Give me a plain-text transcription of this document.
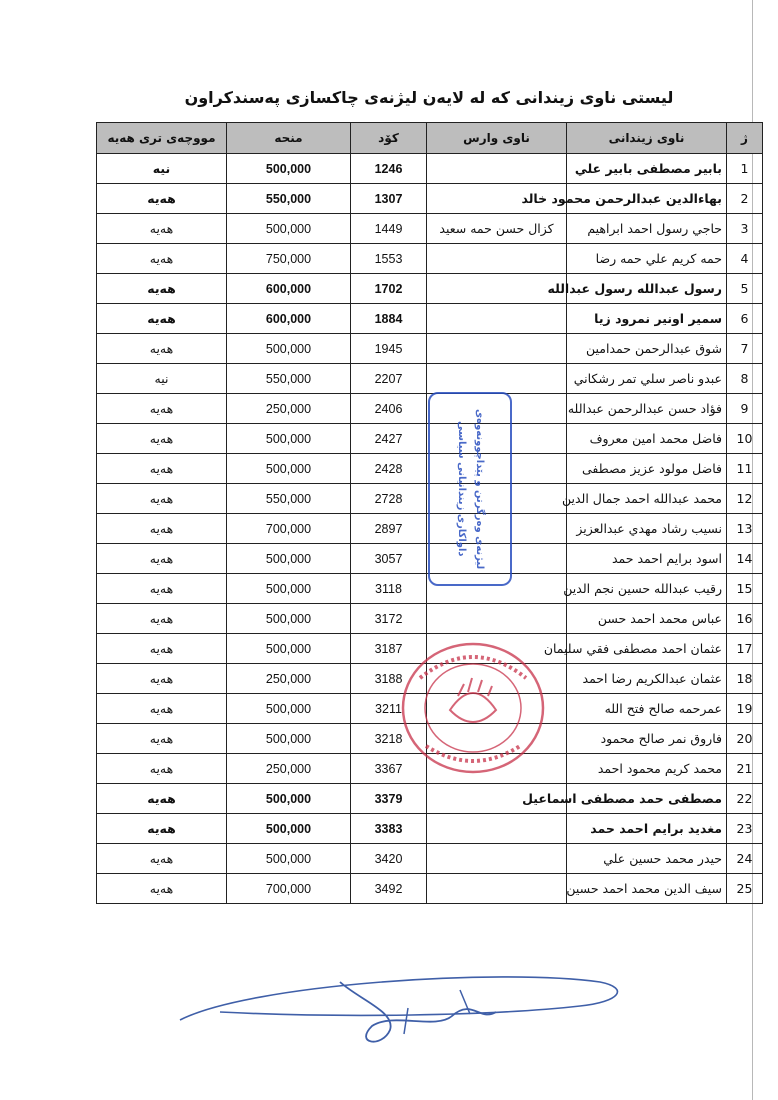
لیستی ناوی زیندانی كه له لایەن لیژنەی چاكسازی پەسندكراون
ژ	ناوی زیندانی	ناوی وارس	كۆد	منحه	مووچەی تری هەیە
1	بابیر مصطفی بابیر علي		1246	500,000	نیە
2	بهاءالدين عبدالرحمن محمود خالد		1307	550,000	هەیە
3	حاجي رسول احمد ابراهيم	كزال حسن حمه سعيد	1449	500,000	هەیە
4	حمه كريم علي حمه رضا		1553	750,000	هەیە
5	رسول عبدالله رسول عبدالله		1702	600,000	هەیە
6	سمير اونير نمرود زيا		1884	600,000	هەیە
7	شوق عبدالرحمن حمدامين		1945	500,000	هەیە
8	عبدو ناصر سلي تمر رشكاني		2207	550,000	نیە
9	فؤاد حسن عبدالرحمن عبدالله		2406	250,000	هەیە
10	فاضل محمد امين معروف		2427	500,000	هەیە
11	فاضل مولود عزيز مصطفى		2428	500,000	هەیە
12	محمد عبدالله احمد جمال الدين		2728	550,000	هەیە
13	نسيب رشاد مهدي عبدالعزيز		2897	700,000	هەیە
14	اسود برايم احمد حمد		3057	500,000	هەیە
15	رقيب عبدالله حسين نجم الدين		3118	500,000	هەیە
16	عباس محمد احمد حسن		3172	500,000	هەیە
17	عثمان احمد مصطفى فقي سليمان		3187	500,000	هەیە
18	عثمان عبدالكريم رضا احمد		3188	250,000	هەیە
19	عمرحمه صالح فتح الله		3211	500,000	هەیە
20	فاروق نمر صالح محمود		3218	500,000	هەیە
21	محمد كريم محمود احمد		3367	250,000	هەیە
22	مصطفى حمد مصطفى اسماعيل		3379	500,000	هەیە
23	مغديد برايم احمد حمد		3383	500,000	هەیە
24	حيدر محمد حسين علي		3420	500,000	هەیە
25	سيف الدين محمد احمد حسين		3492	700,000	هەیە
لیژنەی وەرگرتن و پێداچوونەوەی داواكاری زیندانیانی سیاسی
